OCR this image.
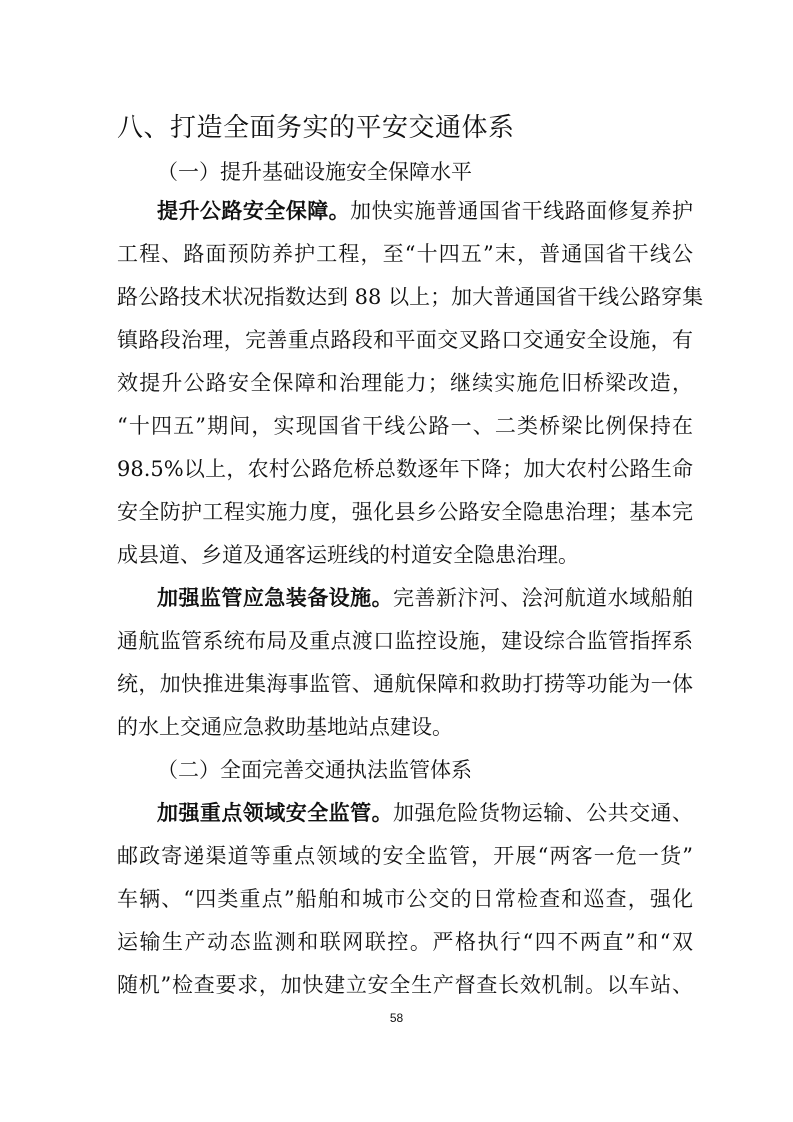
八、打造全面务实的平安交通体系
（一）提升基础设施安全保障水平
提升公路安全保障。加快实施普通国省干线路面修复养护
工程、路面预防养护工程，至“十四五”末，普通国省干线公
路公路技术状况指数达到 88 以上；加大普通国省干线公路穿集
镇路段治理，完善重点路段和平面交叉路口交通安全设施，有
效提升公路安全保障和治理能力；继续实施危旧桥梁改造，
“十四五”期间，实现国省干线公路一、二类桥梁比例保持在
98.5%以上，农村公路危桥总数逐年下降；加大农村公路生命
安全防护工程实施力度，强化县乡公路安全隐患治理；基本完
成县道、乡道及通客运班线的村道安全隐患治理。
加强监管应急装备设施。完善新汴河、浍河航道水域船舶
通航监管系统布局及重点渡口监控设施，建设综合监管指挥系
统，加快推进集海事监管、通航保障和救助打捞等功能为一体
的水上交通应急救助基地站点建设。
（二）全面完善交通执法监管体系
加强重点领域安全监管。加强危险货物运输、公共交通、
邮政寄递渠道等重点领域的安全监管，开展“两客一危一货”
车辆、“四类重点”船舶和城市公交的日常检查和巡查，强化
运输生产动态监测和联网联控。严格执行“四不两直”和“双
随机”检查要求，加快建立安全生产督查长效机制。以车站、
58
